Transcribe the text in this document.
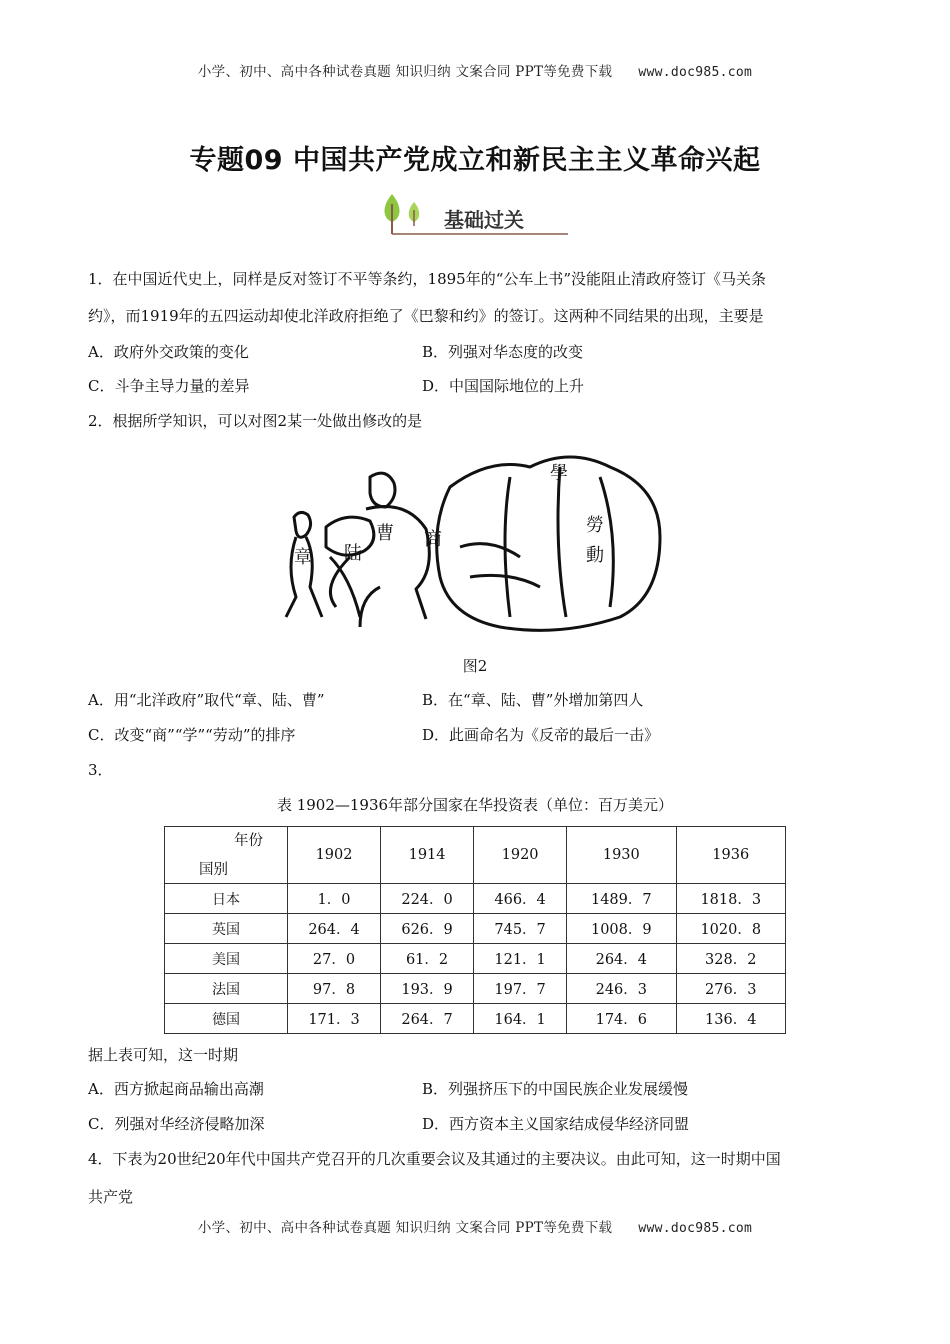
小学、初中、高中各种试卷真题 知识归纳 文案合同 PPT等免费下载 www.doc985.com
专题09 中国共产党成立和新民主主义革命兴起
基础过关
1．在中国近代史上，同样是反对签订不平等条约，1895年的“公车上书”没能阻止清政府签订《马关条
约》，而1919年的五四运动却使北洋政府拒绝了《巴黎和约》的签订。这两种不同结果的出现，主要是
A．政府外交政策的变化	B．列强对华态度的改变
C．斗争主导力量的差异	D．中国国际地位的上升
2．根据所学知识，可以对图2某一处做出修改的是
章 陆
曹 商
學
勞
動
图2
A．用“北洋政府”取代“章、陆、曹”	B．在“章、陆、曹”外增加第四人
C．改变“商”“学”“劳动”的排序	D．此画命名为《反帝的最后一击》
3．
表 1902—1936年部分国家在华投资表（单位：百万美元）
年份
国别	1902	1914	1920	1930	1936
日本	1．0	224．0	466．4	1489．7	1818．3
英国	264．4	626．9	745．7	1008．9	1020．8
美国	27．0	61．2	121．1	264．4	328．2
法国	97．8	193．9	197．7	246．3	276．3
德国	171．3	264．7	164．1	174．6	136．4
据上表可知，这一时期
A．西方掀起商品输出高潮	B．列强挤压下的中国民族企业发展缓慢
C．列强对华经济侵略加深	D．西方资本主义国家结成侵华经济同盟
4．下表为20世纪20年代中国共产党召开的几次重要会议及其通过的主要决议。由此可知，这一时期中国
共产党
小学、初中、高中各种试卷真题 知识归纳 文案合同 PPT等免费下载 www.doc985.com
